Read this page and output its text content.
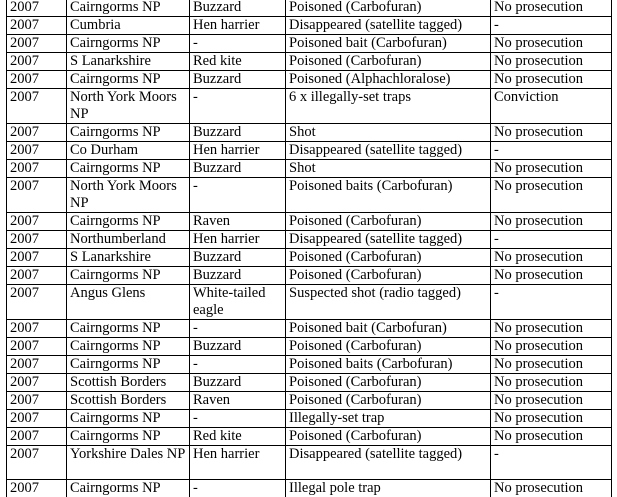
2007	Cairngorms NP	Buzzard	Poisoned (Carbofuran)	No prosecution
2007	Cumbria	Hen harrier	Disappeared (satellite tagged)	-
2007	Cairngorms NP	-	Poisoned bait (Carbofuran)	No prosecution
2007	S Lanarkshire	Red kite	Poisoned (Carbofuran)	No prosecution
2007	Cairngorms NP	Buzzard	Poisoned (Alphachloralose)	No prosecution
2007	North York Moors NP	-	6 x illegally-set traps	Conviction
2007	Cairngorms NP	Buzzard	Shot	No prosecution
2007	Co Durham	Hen harrier	Disappeared (satellite tagged)	-
2007	Cairngorms NP	Buzzard	Shot	No prosecution
2007	North York Moors NP	-	Poisoned baits (Carbofuran)	No prosecution
2007	Cairngorms NP	Raven	Poisoned (Carbofuran)	No prosecution
2007	Northumberland	Hen harrier	Disappeared (satellite tagged)	-
2007	S Lanarkshire	Buzzard	Poisoned (Carbofuran)	No prosecution
2007	Cairngorms NP	Buzzard	Poisoned (Carbofuran)	No prosecution
2007	Angus Glens	White-tailed eagle	Suspected shot (radio tagged)	-
2007	Cairngorms NP	-	Poisoned bait (Carbofuran)	No prosecution
2007	Cairngorms NP	Buzzard	Poisoned (Carbofuran)	No prosecution
2007	Cairngorms NP	-	Poisoned baits (Carbofuran)	No prosecution
2007	Scottish Borders	Buzzard	Poisoned (Carbofuran)	No prosecution
2007	Scottish Borders	Raven	Poisoned (Carbofuran)	No prosecution
2007	Cairngorms NP	-	Illegally-set trap	No prosecution
2007	Cairngorms NP	Red kite	Poisoned (Carbofuran)	No prosecution
2007	Yorkshire Dales NP	Hen harrier	Disappeared (satellite tagged)	-
2007	Cairngorms NP	-	Illegal pole trap	No prosecution
